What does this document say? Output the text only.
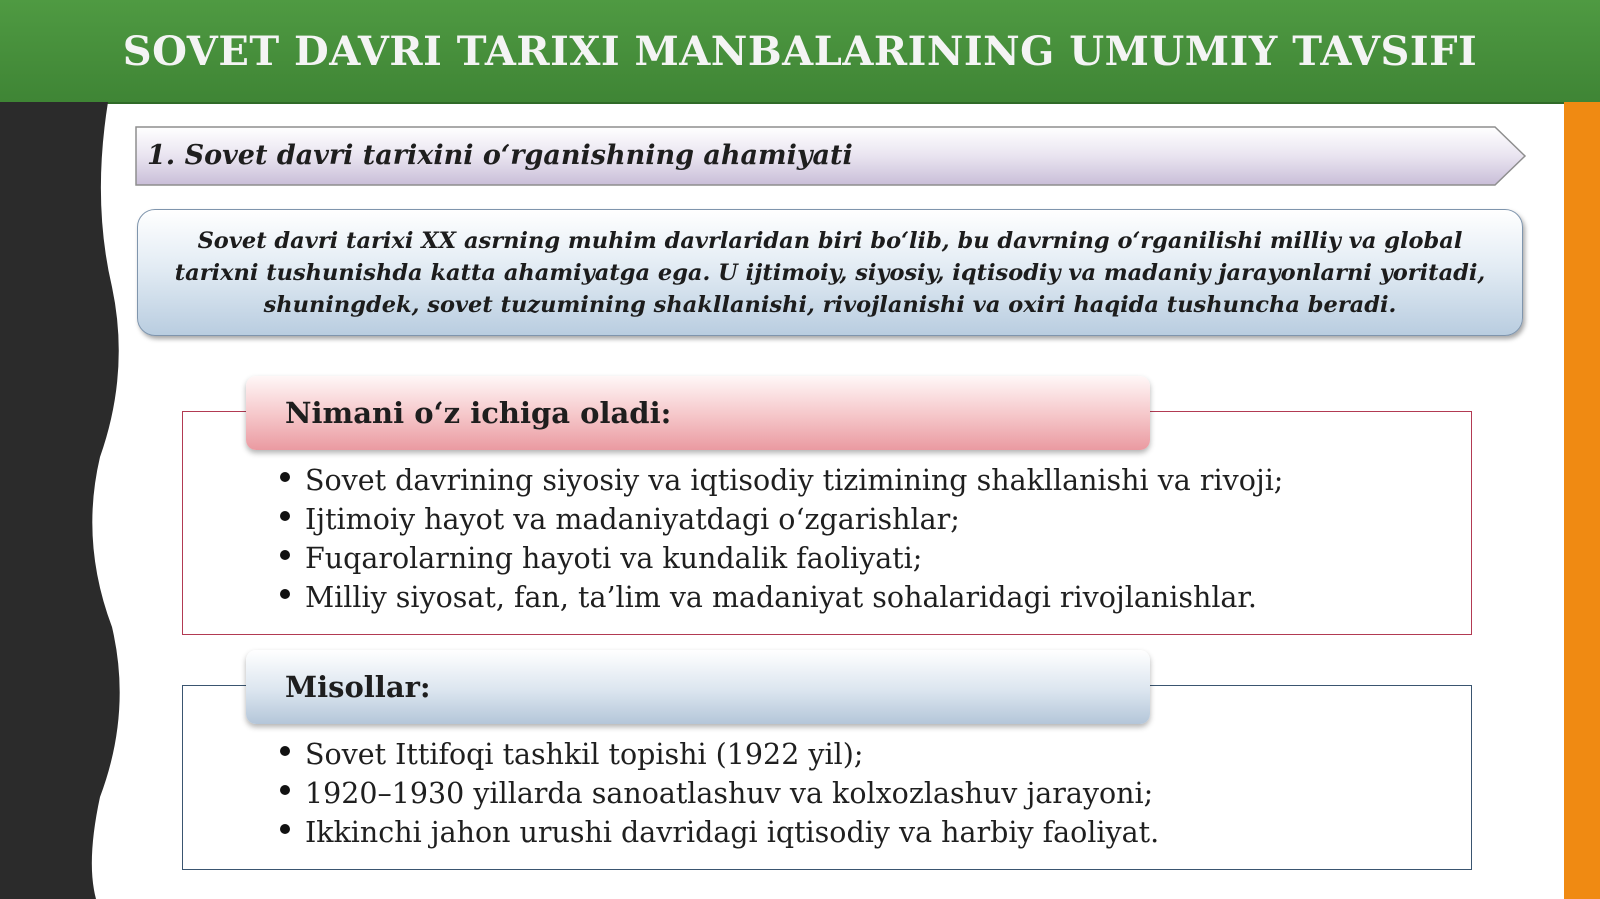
SOVET DAVRI TARIXI MANBALARINING UMUMIY TAVSIFI
1. Sovet davri tarixini o‘rganishning ahamiyati

Sovet davri tarixi XX asrning muhim davrlaridan biri bo‘lib, bu davrning o‘rganilishi milliy va global tarixni tushunishda katta ahamiyatga ega. U ijtimoiy, siyosiy, iqtisodiy va madaniy jarayonlarni yoritadi, shuningdek, sovet tuzumining shakllanishi, rivojlanishi va oxiri haqida tushuncha beradi.

Nimani o‘z ichiga oladi:
Sovet davrining siyosiy va iqtisodiy tizimining shakllanishi va rivoji;
Ijtimoiy hayot va madaniyatdagi o‘zgarishlar;
Fuqarolarning hayoti va kundalik faoliyati;
Milliy siyosat, fan, ta’lim va madaniyat sohalaridagi rivojlanishlar.
Misollar:
Sovet Ittifoqi tashkil topishi (1922 yil);
1920–1930 yillarda sanoatlashuv va kolxozlashuv jarayoni;
Ikkinchi jahon urushi davridagi iqtisodiy va harbiy faoliyat.
